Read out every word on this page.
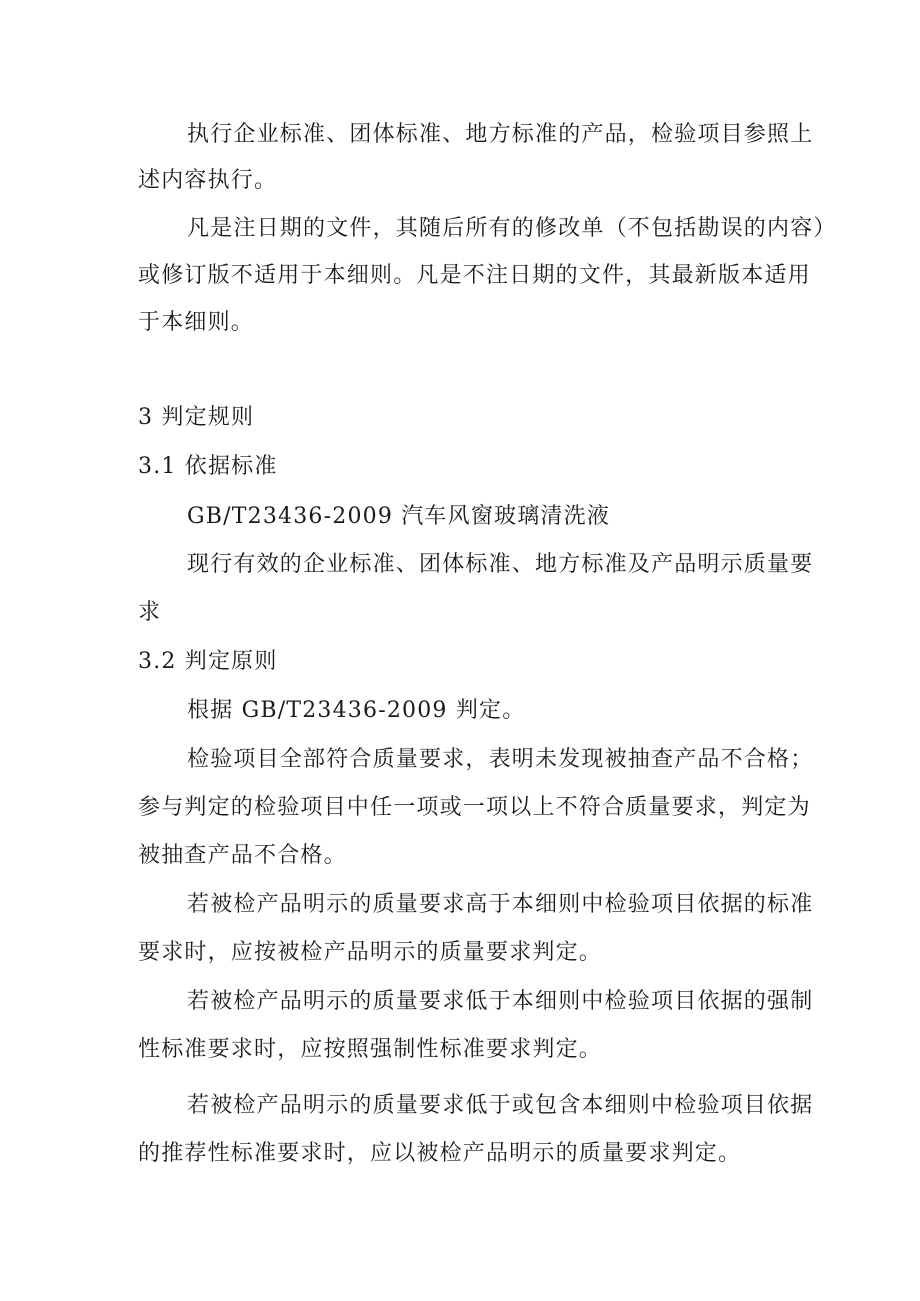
执行企业标准、团体标准、地方标准的产品，检验项目参照上

述内容执行。

凡是注日期的文件，其随后所有的修改单（不包括勘误的内容）

或修订版不适用于本细则。凡是不注日期的文件，其最新版本适用

于本细则。

3 判定规则

3.1 依据标准

GB/T23436-2009 汽车风窗玻璃清洗液

现行有效的企业标准、团体标准、地方标准及产品明示质量要

求

3.2 判定原则

根据 GB/T23436-2009 判定。

检验项目全部符合质量要求，表明未发现被抽查产品不合格；

参与判定的检验项目中任一项或一项以上不符合质量要求，判定为

被抽查产品不合格。

若被检产品明示的质量要求高于本细则中检验项目依据的标准

要求时，应按被检产品明示的质量要求判定。

若被检产品明示的质量要求低于本细则中检验项目依据的强制

性标准要求时，应按照强制性标准要求判定。

若被检产品明示的质量要求低于或包含本细则中检验项目依据

的推荐性标准要求时，应以被检产品明示的质量要求判定。
